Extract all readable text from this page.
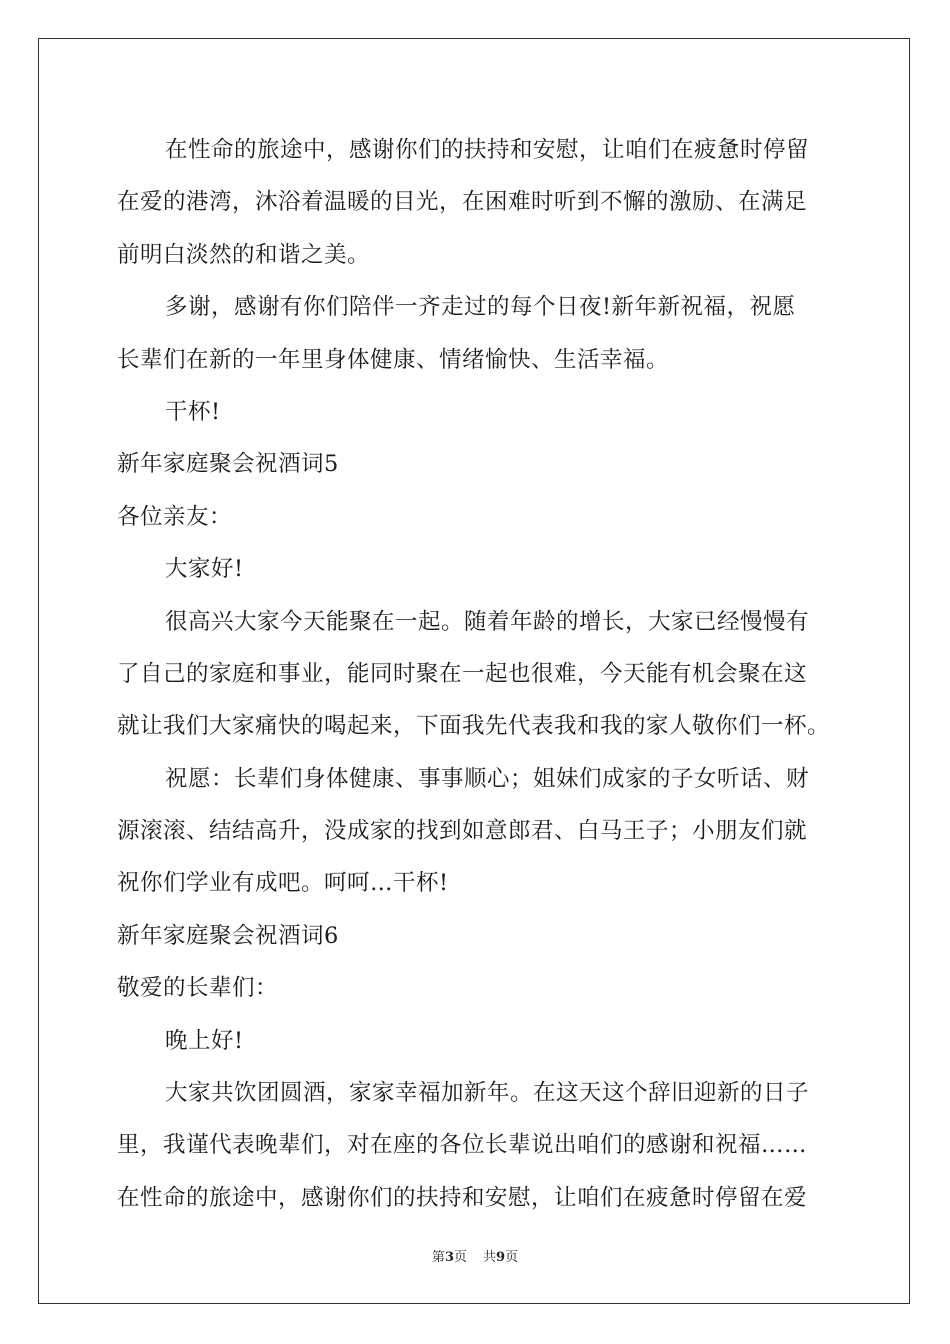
在性命的旅途中，感谢你们的扶持和安慰，让咱们在疲惫时停留
在爱的港湾，沐浴着温暖的目光，在困难时听到不懈的激励、在满足
前明白淡然的和谐之美。
多谢，感谢有你们陪伴一齐走过的每个日夜!新年新祝福，祝愿
长辈们在新的一年里身体健康、情绪愉快、生活幸福。
干杯!
新年家庭聚会祝酒词5
各位亲友：
大家好!
很高兴大家今天能聚在一起。随着年龄的增长，大家已经慢慢有
了自己的家庭和事业，能同时聚在一起也很难，今天能有机会聚在这
就让我们大家痛快的喝起来，下面我先代表我和我的家人敬你们一杯。
祝愿：长辈们身体健康、事事顺心；姐妹们成家的子女听话、财
源滚滚、结结高升，没成家的找到如意郎君、白马王子；小朋友们就
祝你们学业有成吧。呵呵…干杯!
新年家庭聚会祝酒词6
敬爱的长辈们：
晚上好!
大家共饮团圆酒，家家幸福加新年。在这天这个辞旧迎新的日子
里，我谨代表晚辈们，对在座的各位长辈说出咱们的感谢和祝福……
在性命的旅途中，感谢你们的扶持和安慰，让咱们在疲惫时停留在爱
第3页 共9页
